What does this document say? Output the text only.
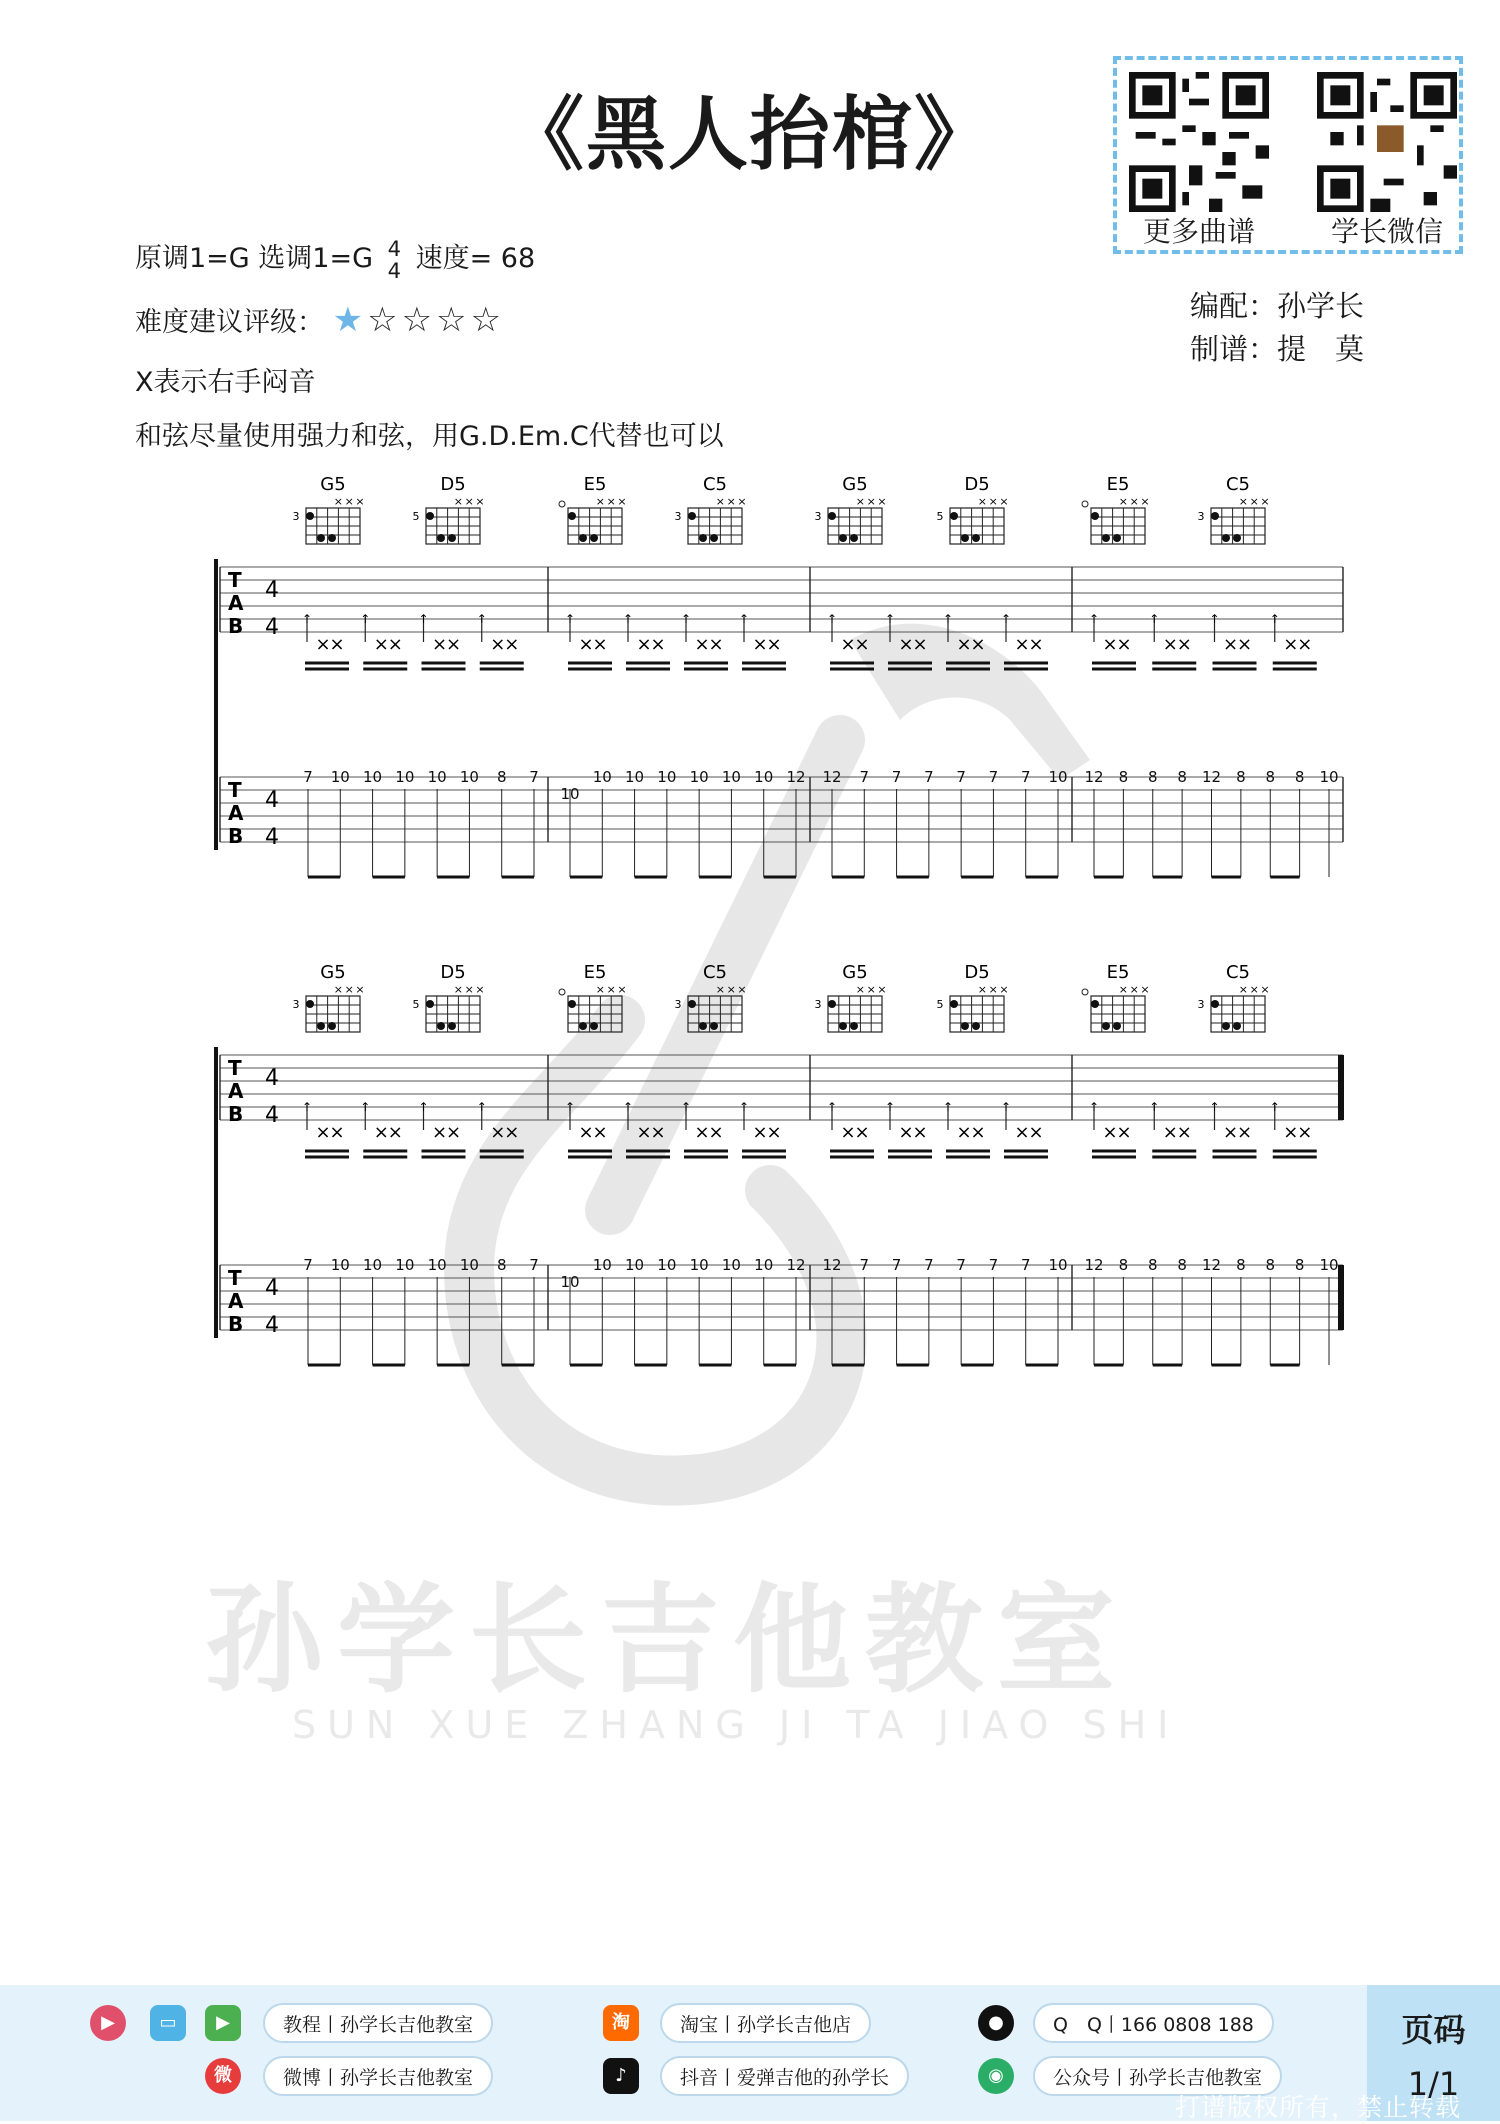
《黑人抬棺》
原调1=G 选调1=G 4
4 速度= 68
难度建议评级： ★ ☆ ☆ ☆ ☆
X表示右手闷音
和弦尽量使用强力和弦，用G.D.Em.C代替也可以
更多曲谱	学长微信
编配：孙学长
制谱：提　莫
孙学长吉他教室
SUN XUE ZHANG JI TA JIAO SHI
G5
3
× × ×
D5
5
× × ×
E5
× × ×
C5
3
× × ×
G5
3
× × ×
D5
5
× × ×
E5
× × ×
C5
3
× × ×
T
A
B
4
4
T
A
B
4
4
↑
×
×
↑
×
×
↑
×
×
↑
×
×
↑
×
×
↑
×
×
↑
×
×
↑
×
×
↑
×
×
↑
×
×
↑
×
×
↑
×
×
↑
×
×
↑
×
×
↑
×
×
↑
×
×
7 10 10 10 10 10 8 7
10
10 10 10 10 10 10 12 12 7 7 7 7 7 7 10 12 8 8 8 12 8 8 8 10
G5
3
× × ×
D5
5
× × ×
E5
× × ×
C5
3
× × ×
G5
3
× × ×
D5
5
× × ×
E5
× × ×
C5
3
× × ×
T
A
B
4
4
T
A
B
4
4
↑
×
×
↑
×
×
↑
×
×
↑
×
×
↑
×
×
↑
×
×
↑
×
×
↑
×
×
↑
×
×
↑
×
×
↑
×
×
↑
×
×
↑
×
×
↑
×
×
↑
×
×
↑
×
×
7 10 10 10 10 10 8 7
10
10 10 10 10 10 10 12 12 7 7 7 7 7 7 10 12 8 8 8 12 8 8 8 10
▶	▭	▶
微
教程丨孙学长吉他教室
微博丨孙学长吉他教室
淘
♪
淘宝丨孙学长吉他店
抖音丨爱弹吉他的孙学长
●
◉
Q　Q丨166 0808 188
公众号丨孙学长吉他教室
页码
1/1
打谱版权所有，禁止转载
